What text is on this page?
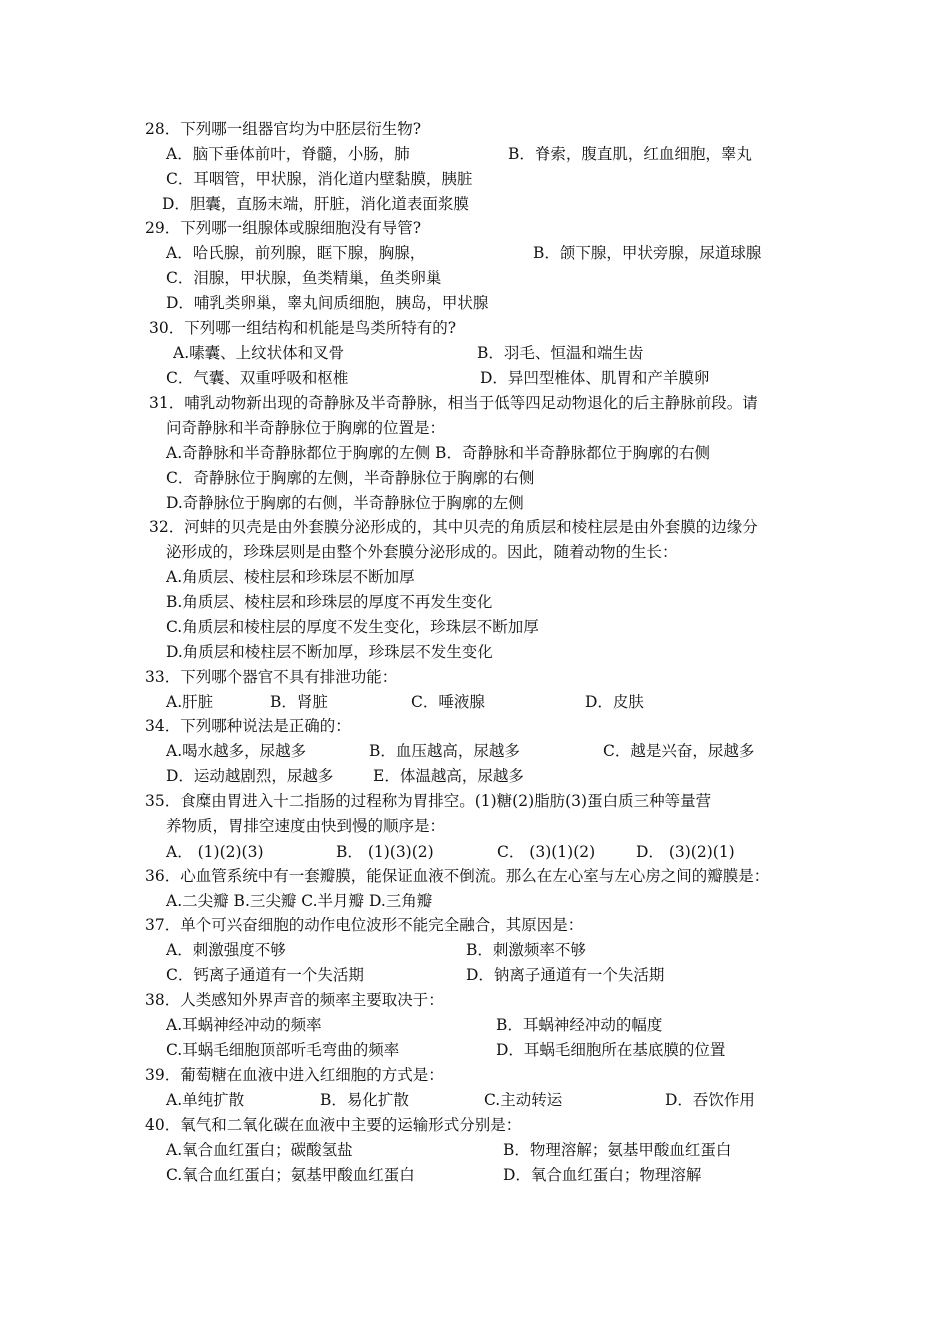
28．下列哪一组器官均为中胚层衍生物?
A．脑下垂体前叶，脊髓，小肠，肺	B．脊索，腹直肌，红血细胞，睾丸
C．耳咽管，甲状腺，消化道内壁黏膜，胰脏
D．胆囊，直肠末端，肝脏，消化道表面浆膜
29．下列哪一组腺体或腺细胞没有导管?
A．哈氏腺，前列腺，眶下腺，胸腺，	B．颌下腺，甲状旁腺，尿道球腺
C．泪腺，甲状腺，鱼类精巢，鱼类卵巢
D．哺乳类卵巢，睾丸间质细胞，胰岛，甲状腺
30．下列哪一组结构和机能是鸟类所特有的?
A.嗉囊、上纹状体和叉骨	B．羽毛、恒温和端生齿
C．气囊、双重呼吸和枢椎	D．异凹型椎体、肌胃和产羊膜卵
31．哺乳动物新出现的奇静脉及半奇静脉，相当于低等四足动物退化的后主静脉前段。请
问奇静脉和半奇静脉位于胸廓的位置是：
A.奇静脉和半奇静脉都位于胸廓的左侧 B．奇静脉和半奇静脉都位于胸廓的右侧
C．奇静脉位于胸廓的左侧，半奇静脉位于胸廓的右侧
D.奇静脉位于胸廓的右侧，半奇静脉位于胸廓的左侧
32．河蚌的贝壳是由外套膜分泌形成的，其中贝壳的角质层和棱柱层是由外套膜的边缘分
泌形成的，珍珠层则是由整个外套膜分泌形成的。因此，随着动物的生长：
A.角质层、棱柱层和珍珠层不断加厚
B.角质层、棱柱层和珍珠层的厚度不再发生变化
C.角质层和棱柱层的厚度不发生变化，珍珠层不断加厚
D.角质层和棱柱层不断加厚，珍珠层不发生变化
33．下列哪个器官不具有排泄功能：
A.肝脏	B．肾脏	C．唾液腺	D．皮肤
34．下列哪种说法是正确的：
A.喝水越多，尿越多	B．血压越高，尿越多	C．越是兴奋，尿越多
D．运动越剧烈，尿越多	E．体温越高，尿越多
35．食糜由胃进入十二指肠的过程称为胃排空。(1)糖(2)脂肪(3)蛋白质三种等量营
养物质，胃排空速度由快到慢的顺序是：
A． (1)(2)(3)	B． (1)(3)(2)	C． (3)(1)(2)	D． (3)(2)(1)
36．心血管系统中有一套瓣膜，能保证血液不倒流。那么在左心室与左心房之间的瓣膜是：
A.二尖瓣 B.三尖瓣 C.半月瓣 D.三角瓣
37．单个可兴奋细胞的动作电位波形不能完全融合，其原因是：
A．刺激强度不够	B．刺激频率不够
C．钙离子通道有一个失活期	D．钠离子通道有一个失活期
38．人类感知外界声音的频率主要取决于：
A.耳蜗神经冲动的频率	B．耳蜗神经冲动的幅度
C.耳蜗毛细胞顶部听毛弯曲的频率	D．耳蜗毛细胞所在基底膜的位置
39．葡萄糖在血液中进入红细胞的方式是：
A.单纯扩散	B．易化扩散	C.主动转运	D．吞饮作用
40．氧气和二氧化碳在血液中主要的运输形式分别是：
A.氧合血红蛋白；碳酸氢盐	B．物理溶解；氨基甲酸血红蛋白
C.氧合血红蛋白；氨基甲酸血红蛋白	D．氧合血红蛋白；物理溶解
